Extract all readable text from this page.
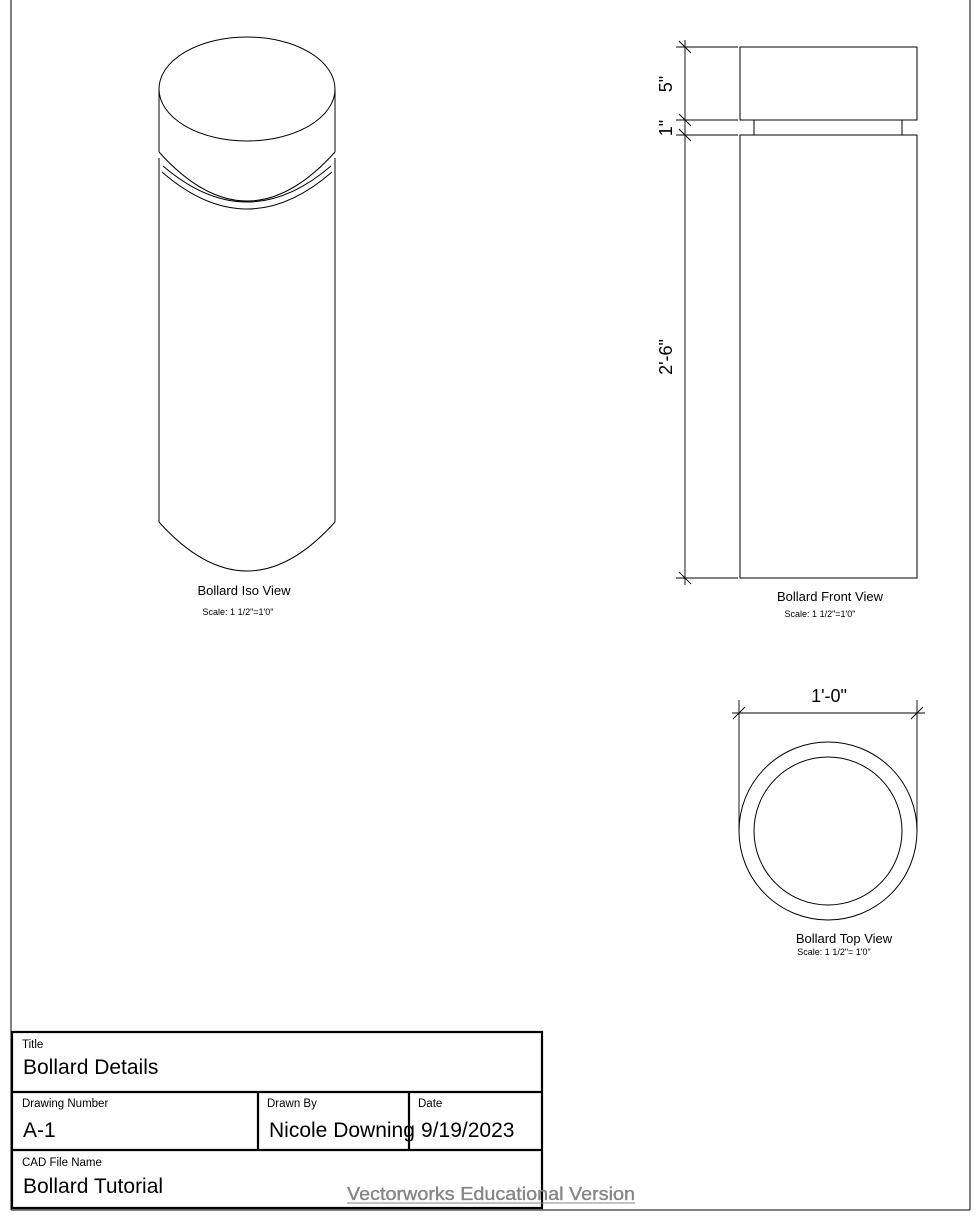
Bollard Iso View
Scale: 1 1/2"=1'0"
5"
1"
2'-6"
Bollard Front View
Scale: 1 1/2"=1'0"
1'-0"
Bollard Top View
Scale: 1 1/2"= 1'0"
Title
Bollard Details
Drawing Number
A-1
Drawn By
Nicole Downing
Date
9/19/2023
CAD File Name
Bollard Tutorial	Vectorworks Educational Version
